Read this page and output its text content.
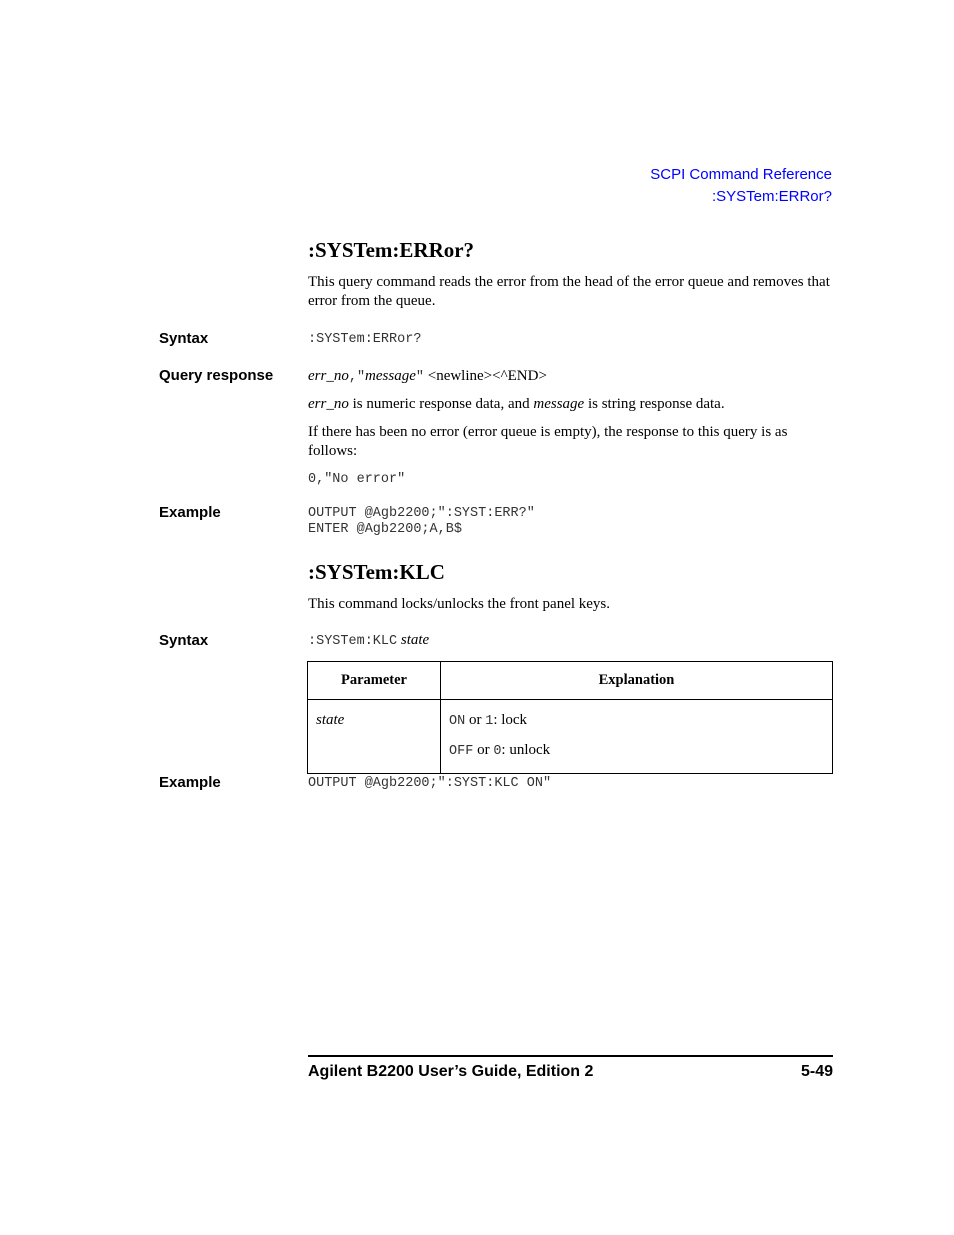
SCPI Command Reference
:SYSTem:ERRor?
:SYSTem:ERRor?
This query command reads the error from the head of the error queue and removes that error from the queue.
Syntax	:SYSTem:ERRor?
Query response err_no,"message" <newline><^END>
err_no is numeric response data, and message is string response data.
If there has been no error (error queue is empty), the response to this query is as follows:
0,"No error"
Example	OUTPUT @Agb2200;":SYST:ERR?"
ENTER @Agb2200;A,B$
:SYSTem:KLC
This command locks/unlocks the front panel keys.
Syntax	:SYSTem:KLC state
Parameter	Explanation
state	ON or 1: lock
OFF or 0: unlock
Example	OUTPUT @Agb2200;":SYST:KLC ON"
Agilent B2200 User’s Guide, Edition 2	5-49
